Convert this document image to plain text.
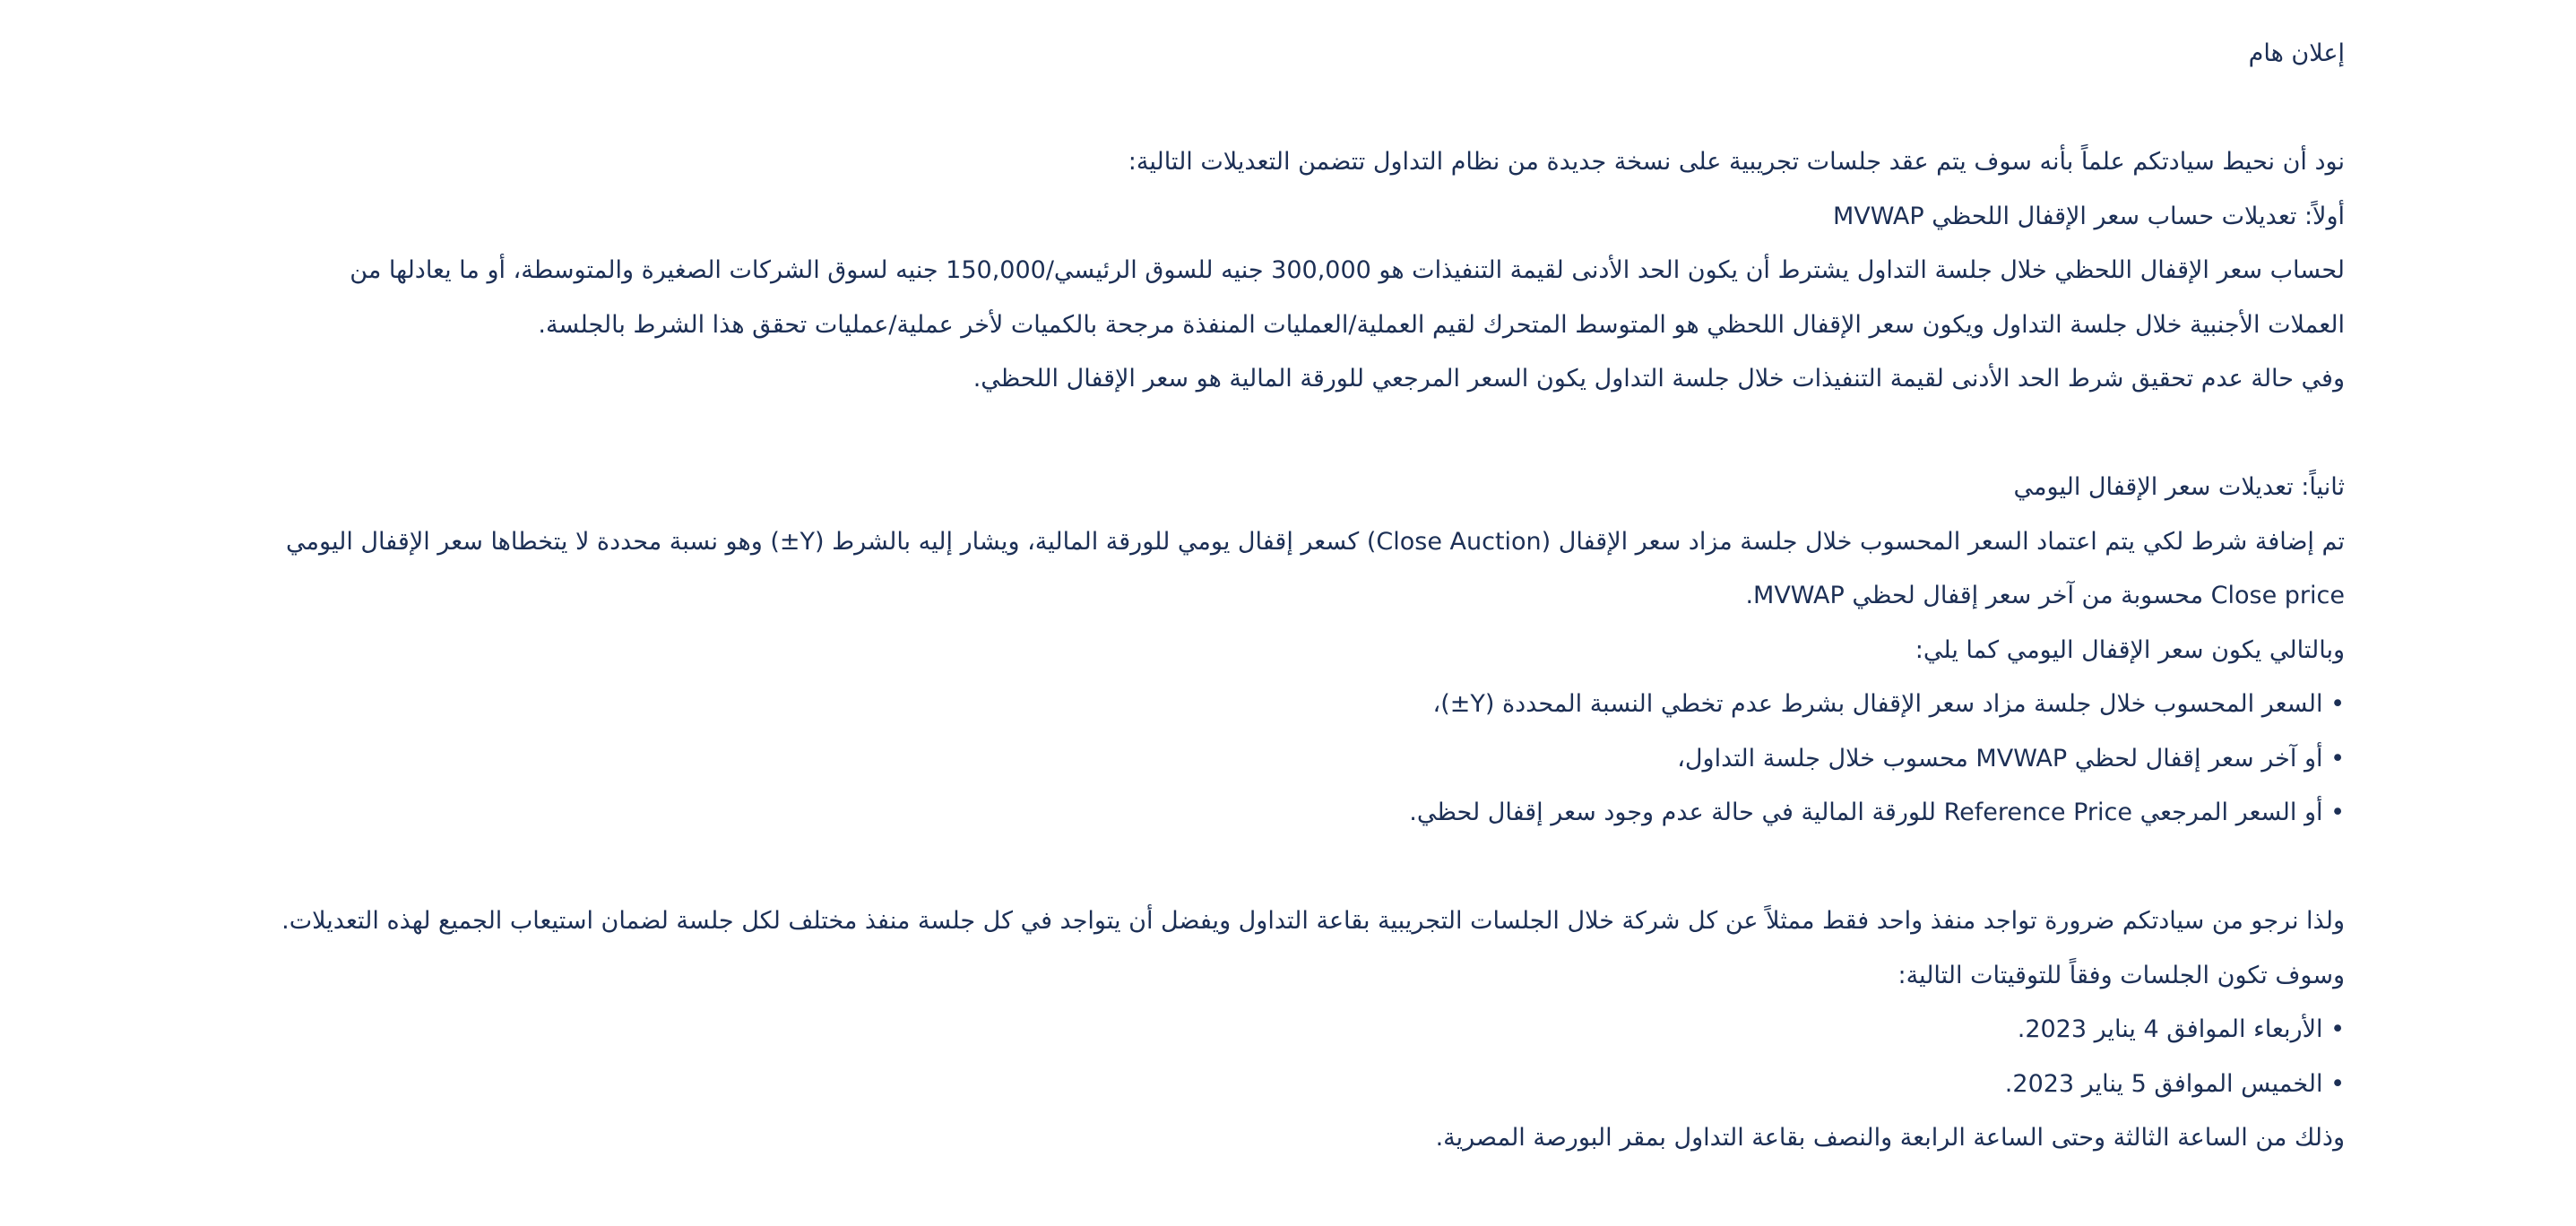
إعلان هام

نود أن نحيط سيادتكم علماً بأنه سوف يتم عقد جلسات تجريبية على نسخة جديدة من نظام التداول تتضمن التعديلات التالية:

أولاً: تعديلات حساب سعر الإقفال اللحظي MVWAP

لحساب سعر الإقفال اللحظي خلال جلسة التداول يشترط أن يكون الحد الأدنى لقيمة التنفيذات هو 300,000 جنيه للسوق الرئيسي/150,000 جنيه لسوق الشركات الصغيرة والمتوسطة، أو ما يعادلها من العملات الأجنبية خلال جلسة التداول ويكون سعر الإقفال اللحظي هو المتوسط المتحرك لقيم العملية/العمليات المنفذة مرجحة بالكميات لأخر عملية/عمليات تحقق هذا الشرط بالجلسة.

وفي حالة عدم تحقيق شرط الحد الأدنى لقيمة التنفيذات خلال جلسة التداول يكون السعر المرجعي للورقة المالية هو سعر الإقفال اللحظي.

ثانياً: تعديلات سعر الإقفال اليومي

تم إضافة شرط لكي يتم اعتماد السعر المحسوب خلال جلسة مزاد سعر الإقفال (Close Auction) كسعر إقفال يومي للورقة المالية، ويشار إليه بالشرط (Y±) وهو نسبة محددة لا يتخطاها سعر الإقفال اليومي Close price محسوبة من آخر سعر إقفال لحظي MVWAP.

وبالتالي يكون سعر الإقفال اليومي كما يلي:

• السعر المحسوب خلال جلسة مزاد سعر الإقفال بشرط عدم تخطي النسبة المحددة (Y±)،

• أو آخر سعر إقفال لحظي MVWAP محسوب خلال جلسة التداول،

• أو السعر المرجعي Reference Price للورقة المالية في حالة عدم وجود سعر إقفال لحظي.

ولذا نرجو من سيادتكم ضرورة تواجد منفذ واحد فقط ممثلاً عن كل شركة خلال الجلسات التجريبية بقاعة التداول ويفضل أن يتواجد في كل جلسة منفذ مختلف لكل جلسة لضمان استيعاب الجميع لهذه التعديلات.

وسوف تكون الجلسات وفقاً للتوقيتات التالية:

• الأربعاء الموافق 4 يناير 2023.

• الخميس الموافق 5 يناير 2023.

وذلك من الساعة الثالثة وحتى الساعة الرابعة والنصف بقاعة التداول بمقر البورصة المصرية.
